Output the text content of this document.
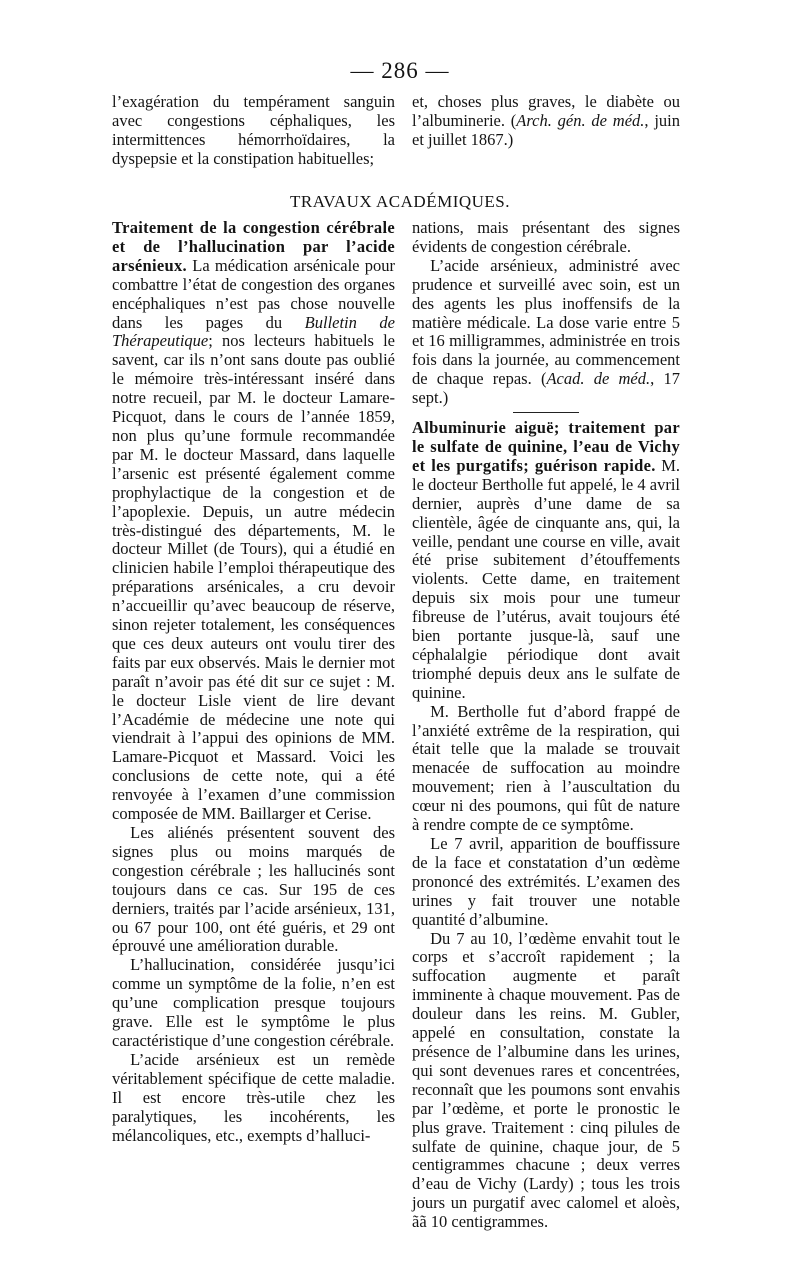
— 286 —

l’exagération du tempérament sanguin avec congestions céphaliques, les intermittences hémorrhoïdaires, la dyspepsie et la constipation habituelles;

et, choses plus graves, le diabète ou l’albuminerie. (Arch. gén. de méd., juin et juillet 1867.)

TRAVAUX ACADÉMIQUES.

Traitement de la congestion cérébrale et de l’hallucination par l’acide arsénieux. La médication arsénicale pour combattre l’état de congestion des organes encéphaliques n’est pas chose nouvelle dans les pages du Bulletin de Thérapeutique; nos lecteurs habituels le savent, car ils n’ont sans doute pas oublié le mémoire très-intéressant inséré dans notre recueil, par M. le docteur Lamare-Picquot, dans le cours de l’année 1859, non plus qu’une formule recommandée par M. le docteur Massard, dans laquelle l’arsenic est présenté également comme prophylactique de la congestion et de l’apoplexie. Depuis, un autre médecin très-distingué des départements, M. le docteur Millet (de Tours), qui a étudié en clinicien habile l’emploi thérapeutique des préparations arsénicales, a cru devoir n’accueillir qu’avec beaucoup de réserve, sinon rejeter totalement, les conséquences que ces deux auteurs ont voulu tirer des faits par eux observés. Mais le dernier mot paraît n’avoir pas été dit sur ce sujet : M. le docteur Lisle vient de lire devant l’Académie de médecine une note qui viendrait à l’appui des opinions de MM. Lamare-Picquot et Massard. Voici les conclusions de cette note, qui a été renvoyée à l’examen d’une commission composée de MM. Baillarger et Cerise.

Les aliénés présentent souvent des signes plus ou moins marqués de congestion cérébrale ; les hallucinés sont toujours dans ce cas. Sur 195 de ces derniers, traités par l’acide arsénieux, 131, ou 67 pour 100, ont été guéris, et 29 ont éprouvé une amélioration durable.

L’hallucination, considérée jusqu’ici comme un symptôme de la folie, n’en est qu’une complication presque toujours grave. Elle est le symptôme le plus caractéristique d’une congestion cérébrale.

L’acide arsénieux est un remède véritablement spécifique de cette maladie. Il est encore très-utile chez les paralytiques, les incohérents, les mélancoliques, etc., exempts d’halluci-

nations, mais présentant des signes évidents de congestion cérébrale.

L’acide arsénieux, administré avec prudence et surveillé avec soin, est un des agents les plus inoffensifs de la matière médicale. La dose varie entre 5 et 16 milligrammes, administrée en trois fois dans la journée, au commencement de chaque repas. (Acad. de méd., 17 sept.)

Albuminurie aiguë; traitement par le sulfate de quinine, l’eau de Vichy et les purgatifs; guérison rapide. M. le docteur Bertholle fut appelé, le 4 avril dernier, auprès d’une dame de sa clientèle, âgée de cinquante ans, qui, la veille, pendant une course en ville, avait été prise subitement d’étouffements violents. Cette dame, en traitement depuis six mois pour une tumeur fibreuse de l’utérus, avait toujours été bien portante jusque-là, sauf une céphalalgie périodique dont avait triomphé depuis deux ans le sulfate de quinine.

M. Bertholle fut d’abord frappé de l’anxiété extrême de la respiration, qui était telle que la malade se trouvait menacée de suffocation au moindre mouvement; rien à l’auscultation du cœur ni des poumons, qui fût de nature à rendre compte de ce symptôme.

Le 7 avril, apparition de bouffissure de la face et constatation d’un œdème prononcé des extrémités. L’examen des urines y fait trouver une notable quantité d’albumine.

Du 7 au 10, l’œdème envahit tout le corps et s’accroît rapidement ; la suffocation augmente et paraît imminente à chaque mouvement. Pas de douleur dans les reins. M. Gubler, appelé en consultation, constate la présence de l’albumine dans les urines, qui sont devenues rares et concentrées, reconnaît que les poumons sont envahis par l’œdème, et porte le pronostic le plus grave. Traitement : cinq pilules de sulfate de quinine, chaque jour, de 5 centigrammes chacune ; deux verres d’eau de Vichy (Lardy) ; tous les trois jours un purgatif avec calomel et aloès, ãã 10 centigrammes.
